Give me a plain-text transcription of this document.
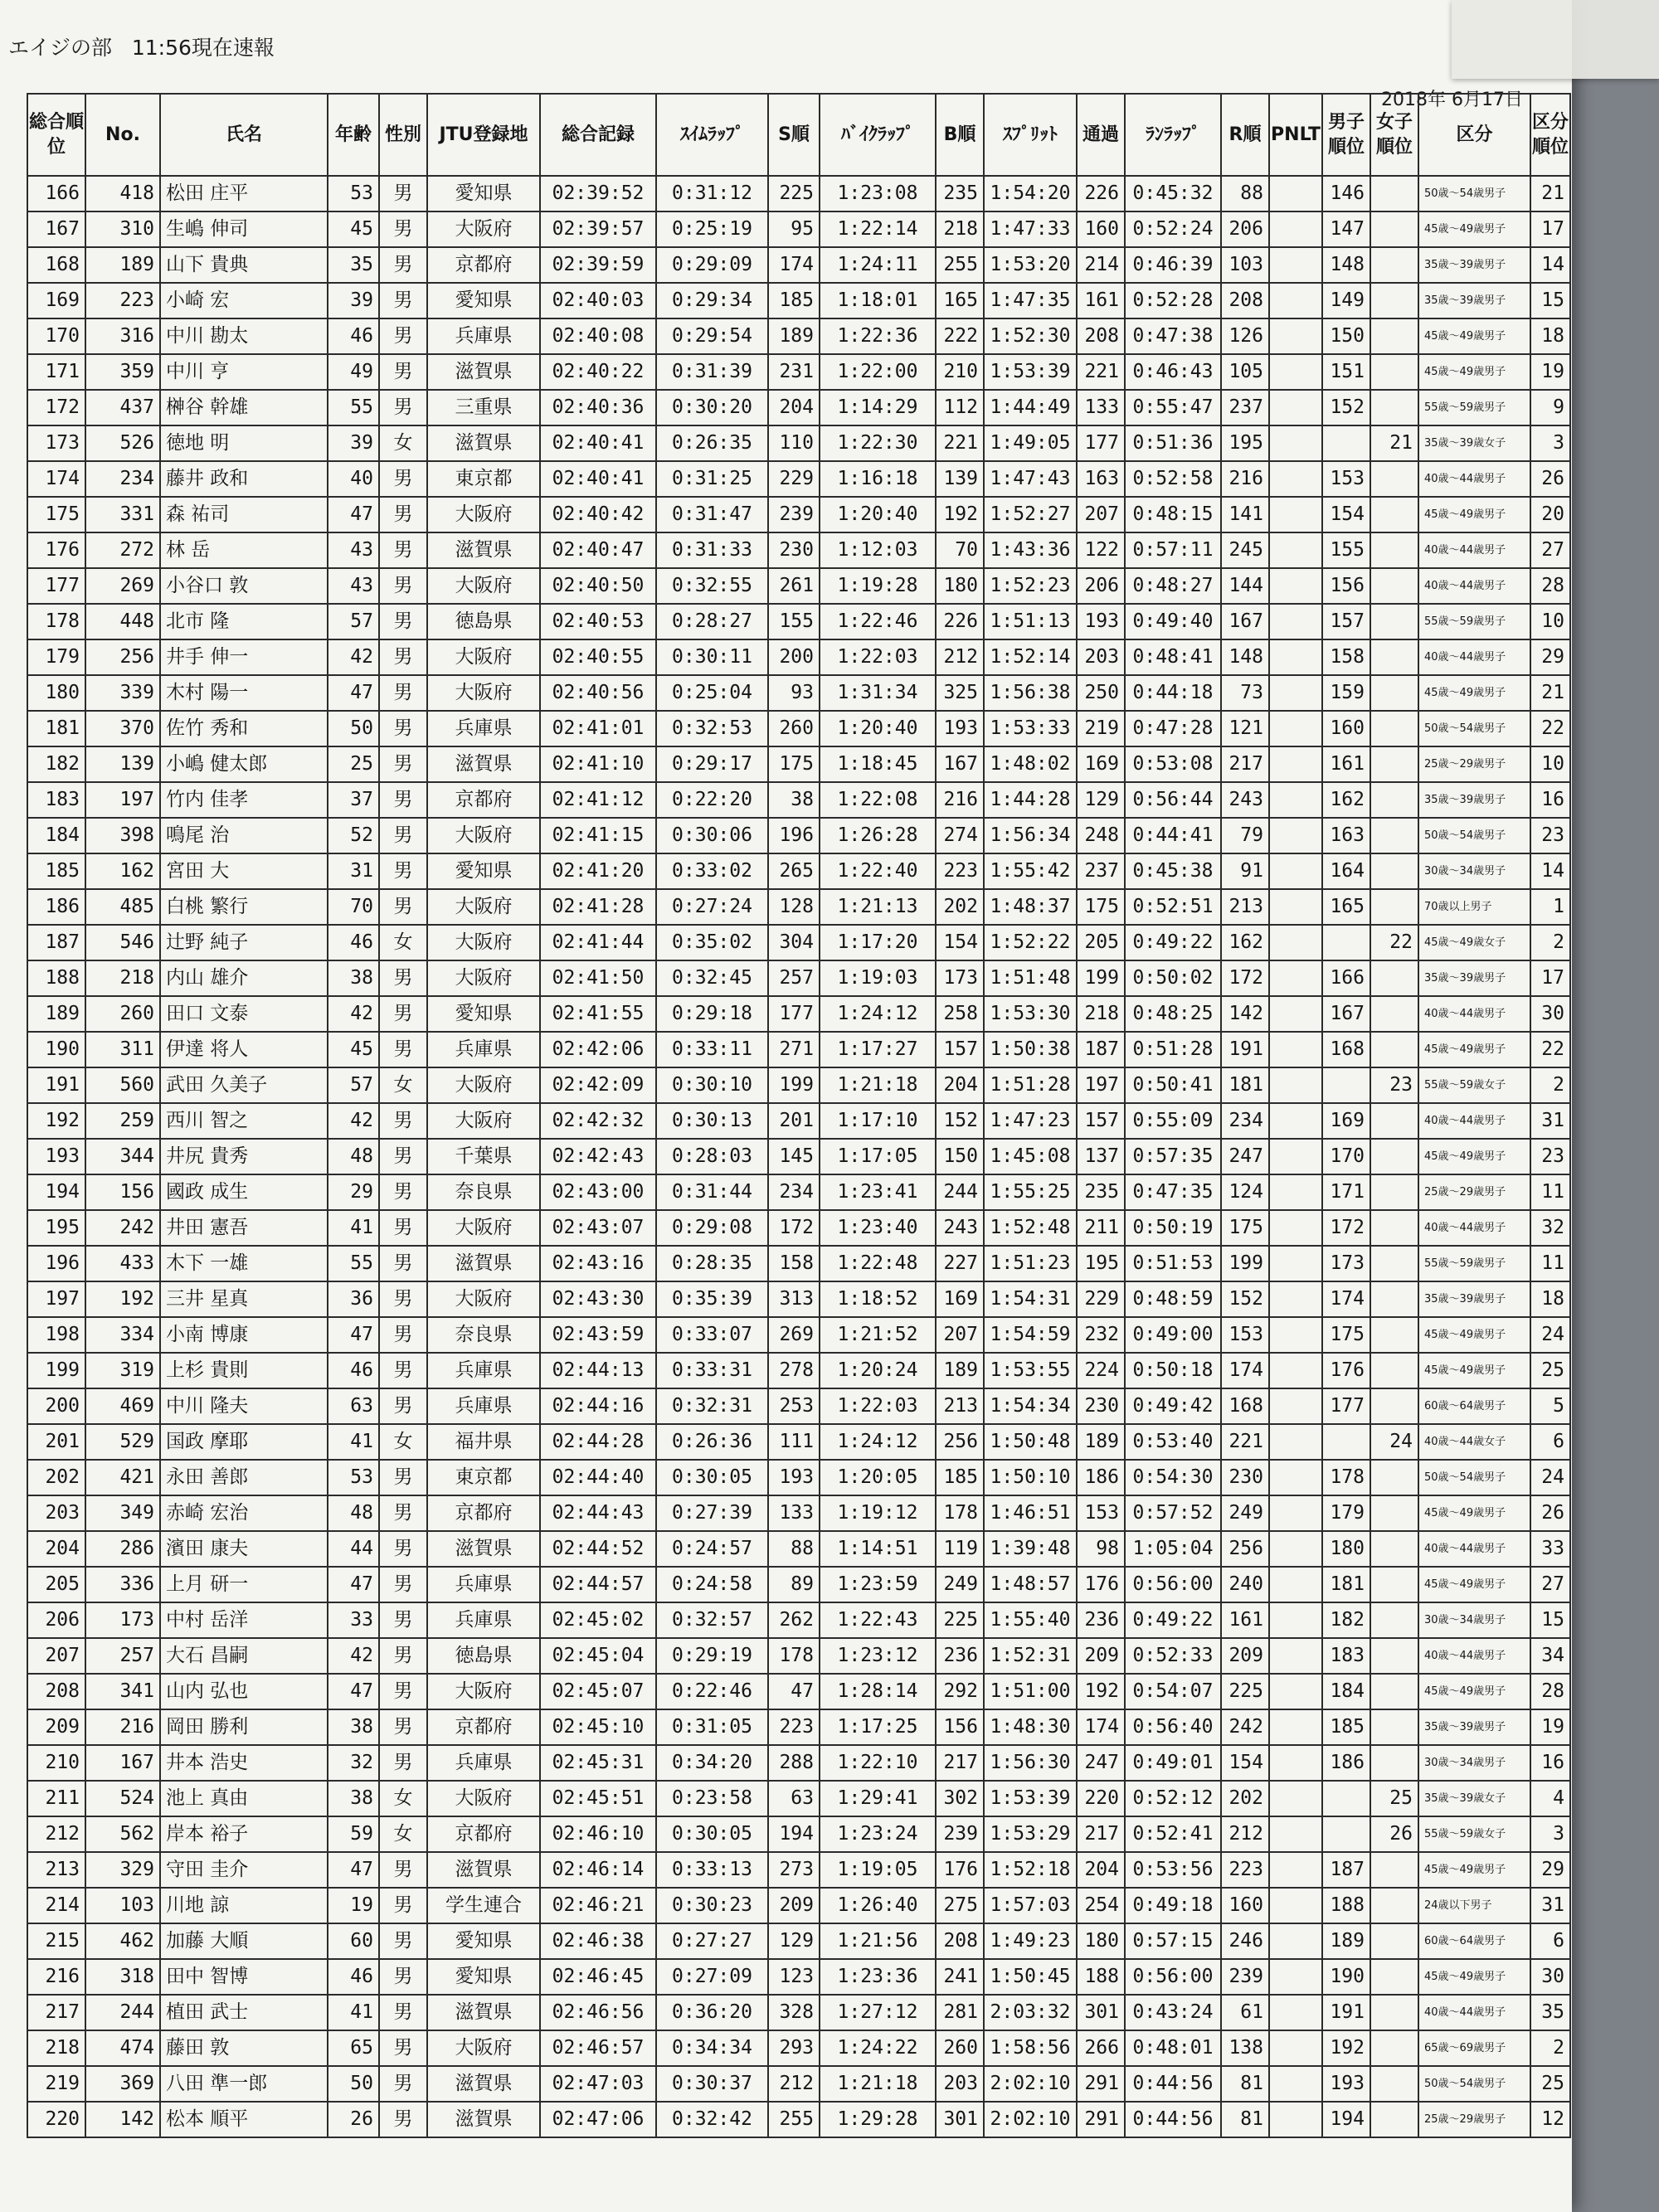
エイジの部 11:56現在速報
2018年 6月17日
総合順位	No.	氏名	年齢	性別	JTU登録地	総合記録	ｽｲﾑﾗｯﾌﾟ	S順	ﾊﾞｲｸﾗｯﾌﾟ	B順	ｽﾌﾟﾘｯﾄ	通過	ﾗﾝﾗｯﾌﾟ	R順	PNLT	男子順位	女子順位	区分	区分順位
166	418	松田 庄平	53	男	愛知県	02:39:52	0:31:12	225	1:23:08	235	1:54:20	226	0:45:32	88		146		50歳～54歳男子	21
167	310	生嶋 伸司	45	男	大阪府	02:39:57	0:25:19	95	1:22:14	218	1:47:33	160	0:52:24	206		147		45歳～49歳男子	17
168	189	山下 貴典	35	男	京都府	02:39:59	0:29:09	174	1:24:11	255	1:53:20	214	0:46:39	103		148		35歳～39歳男子	14
169	223	小崎 宏	39	男	愛知県	02:40:03	0:29:34	185	1:18:01	165	1:47:35	161	0:52:28	208		149		35歳～39歳男子	15
170	316	中川 勘太	46	男	兵庫県	02:40:08	0:29:54	189	1:22:36	222	1:52:30	208	0:47:38	126		150		45歳～49歳男子	18
171	359	中川 亨	49	男	滋賀県	02:40:22	0:31:39	231	1:22:00	210	1:53:39	221	0:46:43	105		151		45歳～49歳男子	19
172	437	榊谷 幹雄	55	男	三重県	02:40:36	0:30:20	204	1:14:29	112	1:44:49	133	0:55:47	237		152		55歳～59歳男子	9
173	526	徳地 明	39	女	滋賀県	02:40:41	0:26:35	110	1:22:30	221	1:49:05	177	0:51:36	195			21	35歳～39歳女子	3
174	234	藤井 政和	40	男	東京都	02:40:41	0:31:25	229	1:16:18	139	1:47:43	163	0:52:58	216		153		40歳～44歳男子	26
175	331	森 祐司	47	男	大阪府	02:40:42	0:31:47	239	1:20:40	192	1:52:27	207	0:48:15	141		154		45歳～49歳男子	20
176	272	林 岳	43	男	滋賀県	02:40:47	0:31:33	230	1:12:03	70	1:43:36	122	0:57:11	245		155		40歳～44歳男子	27
177	269	小谷口 敦	43	男	大阪府	02:40:50	0:32:55	261	1:19:28	180	1:52:23	206	0:48:27	144		156		40歳～44歳男子	28
178	448	北市 隆	57	男	徳島県	02:40:53	0:28:27	155	1:22:46	226	1:51:13	193	0:49:40	167		157		55歳～59歳男子	10
179	256	井手 伸一	42	男	大阪府	02:40:55	0:30:11	200	1:22:03	212	1:52:14	203	0:48:41	148		158		40歳～44歳男子	29
180	339	木村 陽一	47	男	大阪府	02:40:56	0:25:04	93	1:31:34	325	1:56:38	250	0:44:18	73		159		45歳～49歳男子	21
181	370	佐竹 秀和	50	男	兵庫県	02:41:01	0:32:53	260	1:20:40	193	1:53:33	219	0:47:28	121		160		50歳～54歳男子	22
182	139	小嶋 健太郎	25	男	滋賀県	02:41:10	0:29:17	175	1:18:45	167	1:48:02	169	0:53:08	217		161		25歳～29歳男子	10
183	197	竹内 佳孝	37	男	京都府	02:41:12	0:22:20	38	1:22:08	216	1:44:28	129	0:56:44	243		162		35歳～39歳男子	16
184	398	鳴尾 治	52	男	大阪府	02:41:15	0:30:06	196	1:26:28	274	1:56:34	248	0:44:41	79		163		50歳～54歳男子	23
185	162	宮田 大	31	男	愛知県	02:41:20	0:33:02	265	1:22:40	223	1:55:42	237	0:45:38	91		164		30歳～34歳男子	14
186	485	白桃 繁行	70	男	大阪府	02:41:28	0:27:24	128	1:21:13	202	1:48:37	175	0:52:51	213		165		70歳以上男子	1
187	546	辻野 純子	46	女	大阪府	02:41:44	0:35:02	304	1:17:20	154	1:52:22	205	0:49:22	162			22	45歳～49歳女子	2
188	218	内山 雄介	38	男	大阪府	02:41:50	0:32:45	257	1:19:03	173	1:51:48	199	0:50:02	172		166		35歳～39歳男子	17
189	260	田口 文泰	42	男	愛知県	02:41:55	0:29:18	177	1:24:12	258	1:53:30	218	0:48:25	142		167		40歳～44歳男子	30
190	311	伊達 将人	45	男	兵庫県	02:42:06	0:33:11	271	1:17:27	157	1:50:38	187	0:51:28	191		168		45歳～49歳男子	22
191	560	武田 久美子	57	女	大阪府	02:42:09	0:30:10	199	1:21:18	204	1:51:28	197	0:50:41	181			23	55歳～59歳女子	2
192	259	西川 智之	42	男	大阪府	02:42:32	0:30:13	201	1:17:10	152	1:47:23	157	0:55:09	234		169		40歳～44歳男子	31
193	344	井尻 貴秀	48	男	千葉県	02:42:43	0:28:03	145	1:17:05	150	1:45:08	137	0:57:35	247		170		45歳～49歳男子	23
194	156	國政 成生	29	男	奈良県	02:43:00	0:31:44	234	1:23:41	244	1:55:25	235	0:47:35	124		171		25歳～29歳男子	11
195	242	井田 憲吾	41	男	大阪府	02:43:07	0:29:08	172	1:23:40	243	1:52:48	211	0:50:19	175		172		40歳～44歳男子	32
196	433	木下 一雄	55	男	滋賀県	02:43:16	0:28:35	158	1:22:48	227	1:51:23	195	0:51:53	199		173		55歳～59歳男子	11
197	192	三井 星真	36	男	大阪府	02:43:30	0:35:39	313	1:18:52	169	1:54:31	229	0:48:59	152		174		35歳～39歳男子	18
198	334	小南 博康	47	男	奈良県	02:43:59	0:33:07	269	1:21:52	207	1:54:59	232	0:49:00	153		175		45歳～49歳男子	24
199	319	上杉 貴則	46	男	兵庫県	02:44:13	0:33:31	278	1:20:24	189	1:53:55	224	0:50:18	174		176		45歳～49歳男子	25
200	469	中川 隆夫	63	男	兵庫県	02:44:16	0:32:31	253	1:22:03	213	1:54:34	230	0:49:42	168		177		60歳～64歳男子	5
201	529	国政 摩耶	41	女	福井県	02:44:28	0:26:36	111	1:24:12	256	1:50:48	189	0:53:40	221			24	40歳～44歳女子	6
202	421	永田 善郎	53	男	東京都	02:44:40	0:30:05	193	1:20:05	185	1:50:10	186	0:54:30	230		178		50歳～54歳男子	24
203	349	赤崎 宏治	48	男	京都府	02:44:43	0:27:39	133	1:19:12	178	1:46:51	153	0:57:52	249		179		45歳～49歳男子	26
204	286	濱田 康夫	44	男	滋賀県	02:44:52	0:24:57	88	1:14:51	119	1:39:48	98	1:05:04	256		180		40歳～44歳男子	33
205	336	上月 研一	47	男	兵庫県	02:44:57	0:24:58	89	1:23:59	249	1:48:57	176	0:56:00	240		181		45歳～49歳男子	27
206	173	中村 岳洋	33	男	兵庫県	02:45:02	0:32:57	262	1:22:43	225	1:55:40	236	0:49:22	161		182		30歳～34歳男子	15
207	257	大石 昌嗣	42	男	徳島県	02:45:04	0:29:19	178	1:23:12	236	1:52:31	209	0:52:33	209		183		40歳～44歳男子	34
208	341	山内 弘也	47	男	大阪府	02:45:07	0:22:46	47	1:28:14	292	1:51:00	192	0:54:07	225		184		45歳～49歳男子	28
209	216	岡田 勝利	38	男	京都府	02:45:10	0:31:05	223	1:17:25	156	1:48:30	174	0:56:40	242		185		35歳～39歳男子	19
210	167	井本 浩史	32	男	兵庫県	02:45:31	0:34:20	288	1:22:10	217	1:56:30	247	0:49:01	154		186		30歳～34歳男子	16
211	524	池上 真由	38	女	大阪府	02:45:51	0:23:58	63	1:29:41	302	1:53:39	220	0:52:12	202			25	35歳～39歳女子	4
212	562	岸本 裕子	59	女	京都府	02:46:10	0:30:05	194	1:23:24	239	1:53:29	217	0:52:41	212			26	55歳～59歳女子	3
213	329	守田 圭介	47	男	滋賀県	02:46:14	0:33:13	273	1:19:05	176	1:52:18	204	0:53:56	223		187		45歳～49歳男子	29
214	103	川地 諒	19	男	学生連合	02:46:21	0:30:23	209	1:26:40	275	1:57:03	254	0:49:18	160		188		24歳以下男子	31
215	462	加藤 大順	60	男	愛知県	02:46:38	0:27:27	129	1:21:56	208	1:49:23	180	0:57:15	246		189		60歳～64歳男子	6
216	318	田中 智博	46	男	愛知県	02:46:45	0:27:09	123	1:23:36	241	1:50:45	188	0:56:00	239		190		45歳～49歳男子	30
217	244	植田 武士	41	男	滋賀県	02:46:56	0:36:20	328	1:27:12	281	2:03:32	301	0:43:24	61		191		40歳～44歳男子	35
218	474	藤田 敦	65	男	大阪府	02:46:57	0:34:34	293	1:24:22	260	1:58:56	266	0:48:01	138		192		65歳～69歳男子	2
219	369	八田 準一郎	50	男	滋賀県	02:47:03	0:30:37	212	1:21:18	203	2:02:10	291	0:44:56	81		193		50歳～54歳男子	25
220	142	松本 順平	26	男	滋賀県	02:47:06	0:32:42	255	1:29:28	301	2:02:10	291	0:44:56	81		194		25歳～29歳男子	12
